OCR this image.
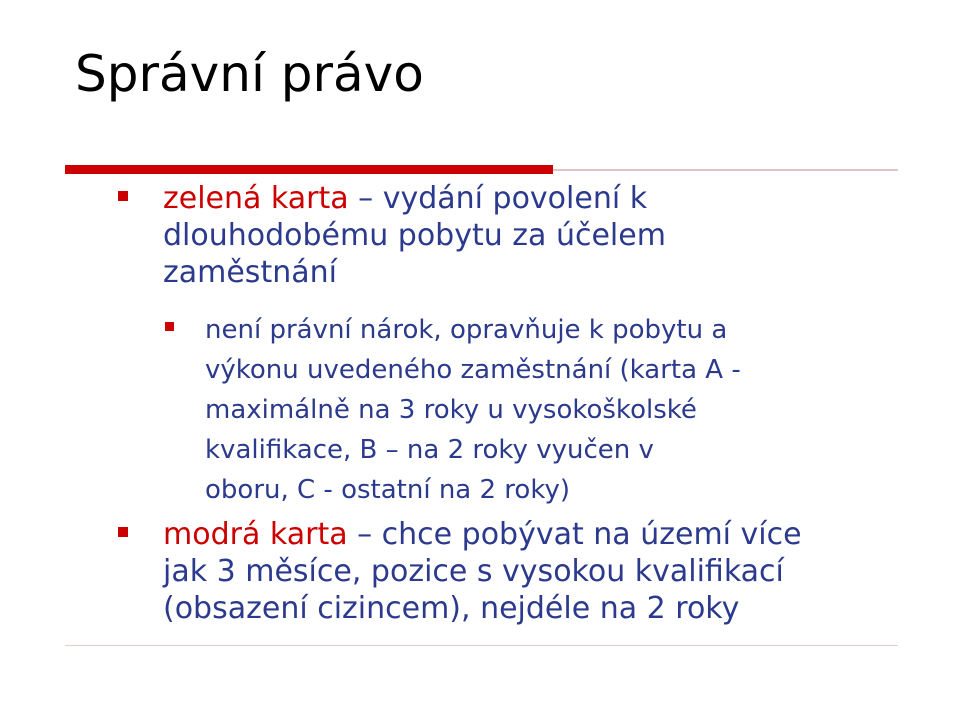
Správní právo
zelená karta – vydání povolení k
dlouhodobému pobytu za účelem
zaměstnání
není právní nárok, opravňuje k pobytu a
výkonu uvedeného zaměstnání (karta A -
maximálně na 3 roky u vysokoškolské
kvalifikace, B – na 2 roky vyučen v
oboru, C - ostatní na 2 roky)
modrá karta – chce pobývat na území více
jak 3 měsíce, pozice s vysokou kvalifikací
(obsazení cizincem), nejdéle na 2 roky
